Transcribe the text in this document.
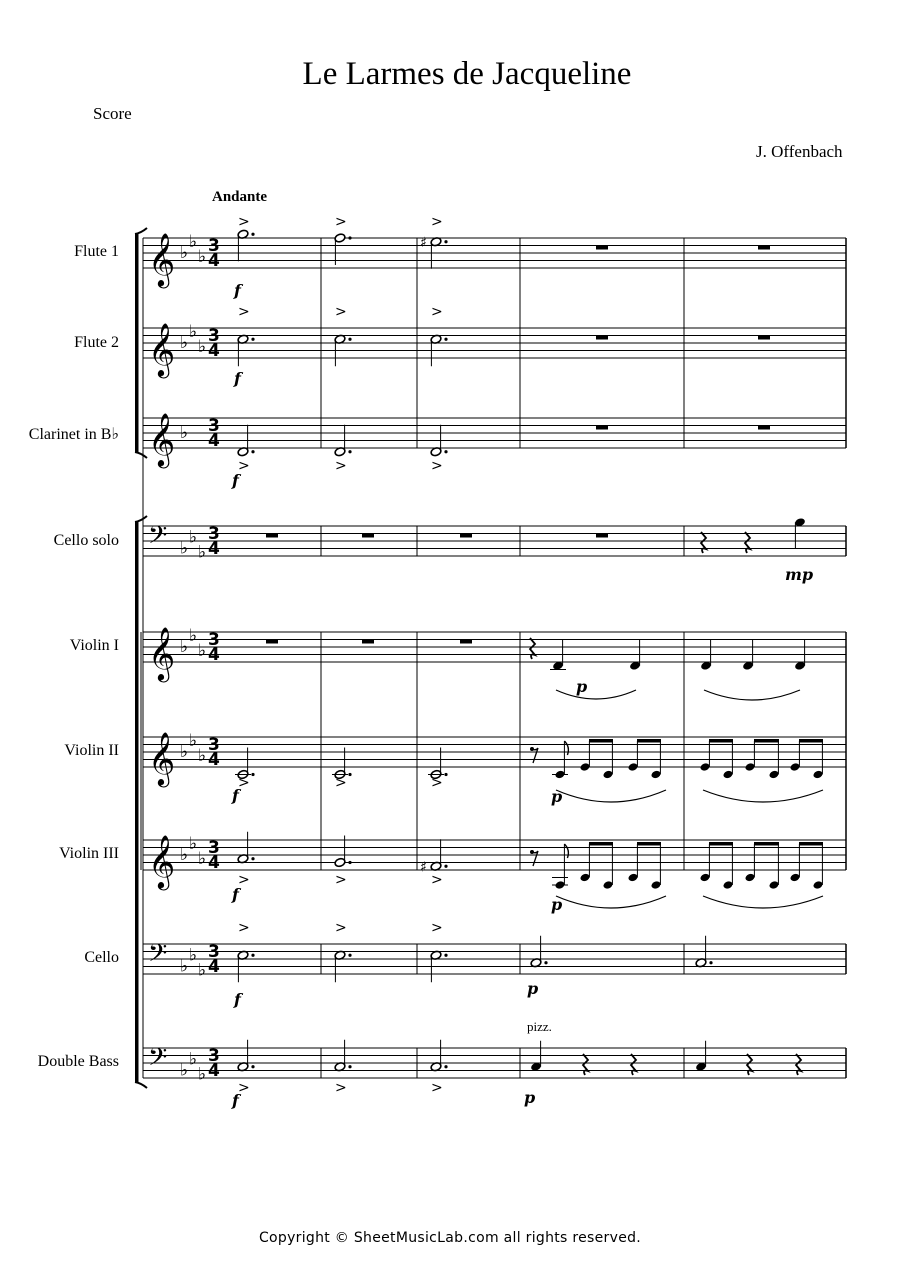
Le Larmes de Jacqueline
Score
J. Offenbach
Andante
Flute 1
Flute 2
Clarinet in B♭
Cello solo
Violin I
Violin II
Violin III
Cello
Double Bass
𝄞
𝄞
𝄞
𝄢
𝄞
𝄞
𝄞
𝄢
𝄢
♭
♭
♭
♭
♭
♭
♭
♭
♭
♭
♭
♭
♭
♭
♭
♭
♭
♭
♭
♭
♭
♭
♭
♭
♭
3
4
3
4
3
4
3
4
3
4
3
4
3
4
3
4
3
4
>	>
♯
>
f
>	>	>
f
>	>	>
f
mp
p
>	>	>
f	p
>	>
♯
>
f
p
>	>	>
f
p
>	>	>
f
pizz.
p
Copyright © SheetMusicLab.com all rights reserved.
